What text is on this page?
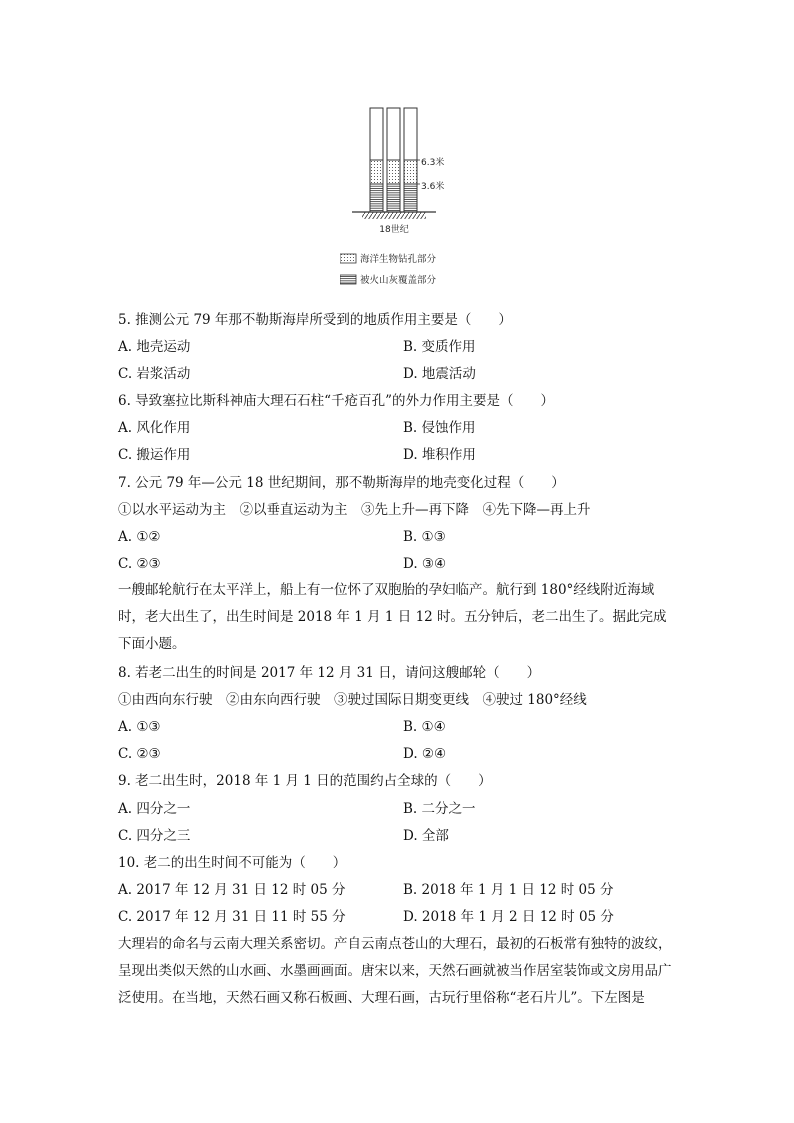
6.3米
3.6米
18世纪
海洋生物钻孔部分
被火山灰覆盖部分
5. 推测公元 79 年那不勒斯海岸所受到的地质作用主要是（　　）
A. 地壳运动	B. 变质作用
C. 岩浆活动	D. 地震活动
6. 导致塞拉比斯科神庙大理石石柱“千疮百孔”的外力作用主要是（　　）
A. 风化作用	B. 侵蚀作用
C. 搬运作用	D. 堆积作用
7. 公元 79 年—公元 18 世纪期间，那不勒斯海岸的地壳变化过程（　　）
①以水平运动为主　②以垂直运动为主　③先上升—再下降　④先下降—再上升
A. ①②	B. ①③
C. ②③	D. ③④
一艘邮轮航行在太平洋上，船上有一位怀了双胞胎的孕妇临产。航行到 180°经线附近海域时，老大出生了，出生时间是 2018 年 1 月 1 日 12 时。五分钟后，老二出生了。据此完成下面小题。
8. 若老二出生的时间是 2017 年 12 月 31 日，请问这艘邮轮（　　）
①由西向东行驶　②由东向西行驶　③驶过国际日期变更线　④驶过 180°经线
A. ①③	B. ①④
C. ②③	D. ②④
9. 老二出生时，2018 年 1 月 1 日的范围约占全球的（　　）
A. 四分之一	B. 二分之一
C. 四分之三	D. 全部
10. 老二的出生时间不可能为（　　）
A. 2017 年 12 月 31 日 12 时 05 分	B. 2018 年 1 月 1 日 12 时 05 分
C. 2017 年 12 月 31 日 11 时 55 分	D. 2018 年 1 月 2 日 12 时 05 分
大理岩的命名与云南大理关系密切。产自云南点苍山的大理石，最初的石板常有独特的波纹，呈现出类似天然的山水画、水墨画画面。唐宋以来，天然石画就被当作居室装饰或文房用品广泛使用。在当地，天然石画又称石板画、大理石画，古玩行里俗称“老石片儿”。下左图是
